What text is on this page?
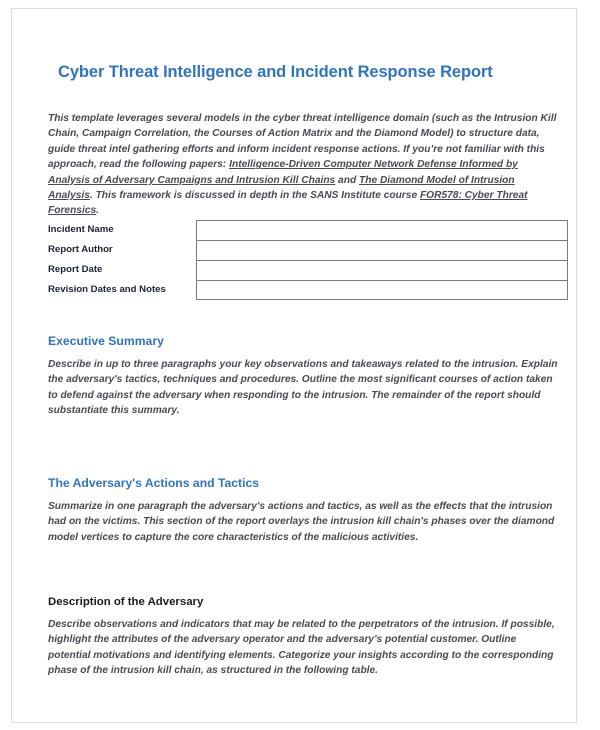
Cyber Threat Intelligence and Incident Response Report
This template leverages several models in the cyber threat intelligence domain (such as the Intrusion Kill Chain, Campaign Correlation, the Courses of Action Matrix and the Diamond Model) to structure data, guide threat intel gathering efforts and inform incident response actions. If you’re not familiar with this approach, read the following papers: Intelligence-Driven Computer Network Defense Informed by Analysis of Adversary Campaigns and Intrusion Kill Chains and The Diamond Model of Intrusion Analysis. This framework is discussed in depth in the SANS Institute course FOR578: Cyber Threat Forensics.
Incident Name
Report Author
Report Date
Revision Dates and Notes
Executive Summary
Describe in up to three paragraphs your key observations and takeaways related to the intrusion. Explain the adversary's tactics, techniques and procedures. Outline the most significant courses of action taken to defend against the adversary when responding to the intrusion. The remainder of the report should substantiate this summary.
The Adversary's Actions and Tactics
Summarize in one paragraph the adversary's actions and tactics, as well as the effects that the intrusion had on the victims. This section of the report overlays the intrusion kill chain's phases over the diamond model vertices to capture the core characteristics of the malicious activities.
Description of the Adversary
Describe observations and indicators that may be related to the perpetrators of the intrusion. If possible, highlight the attributes of the adversary operator and the adversary's potential customer. Outline potential motivations and identifying elements. Categorize your insights according to the corresponding phase of the intrusion kill chain, as structured in the following table.
